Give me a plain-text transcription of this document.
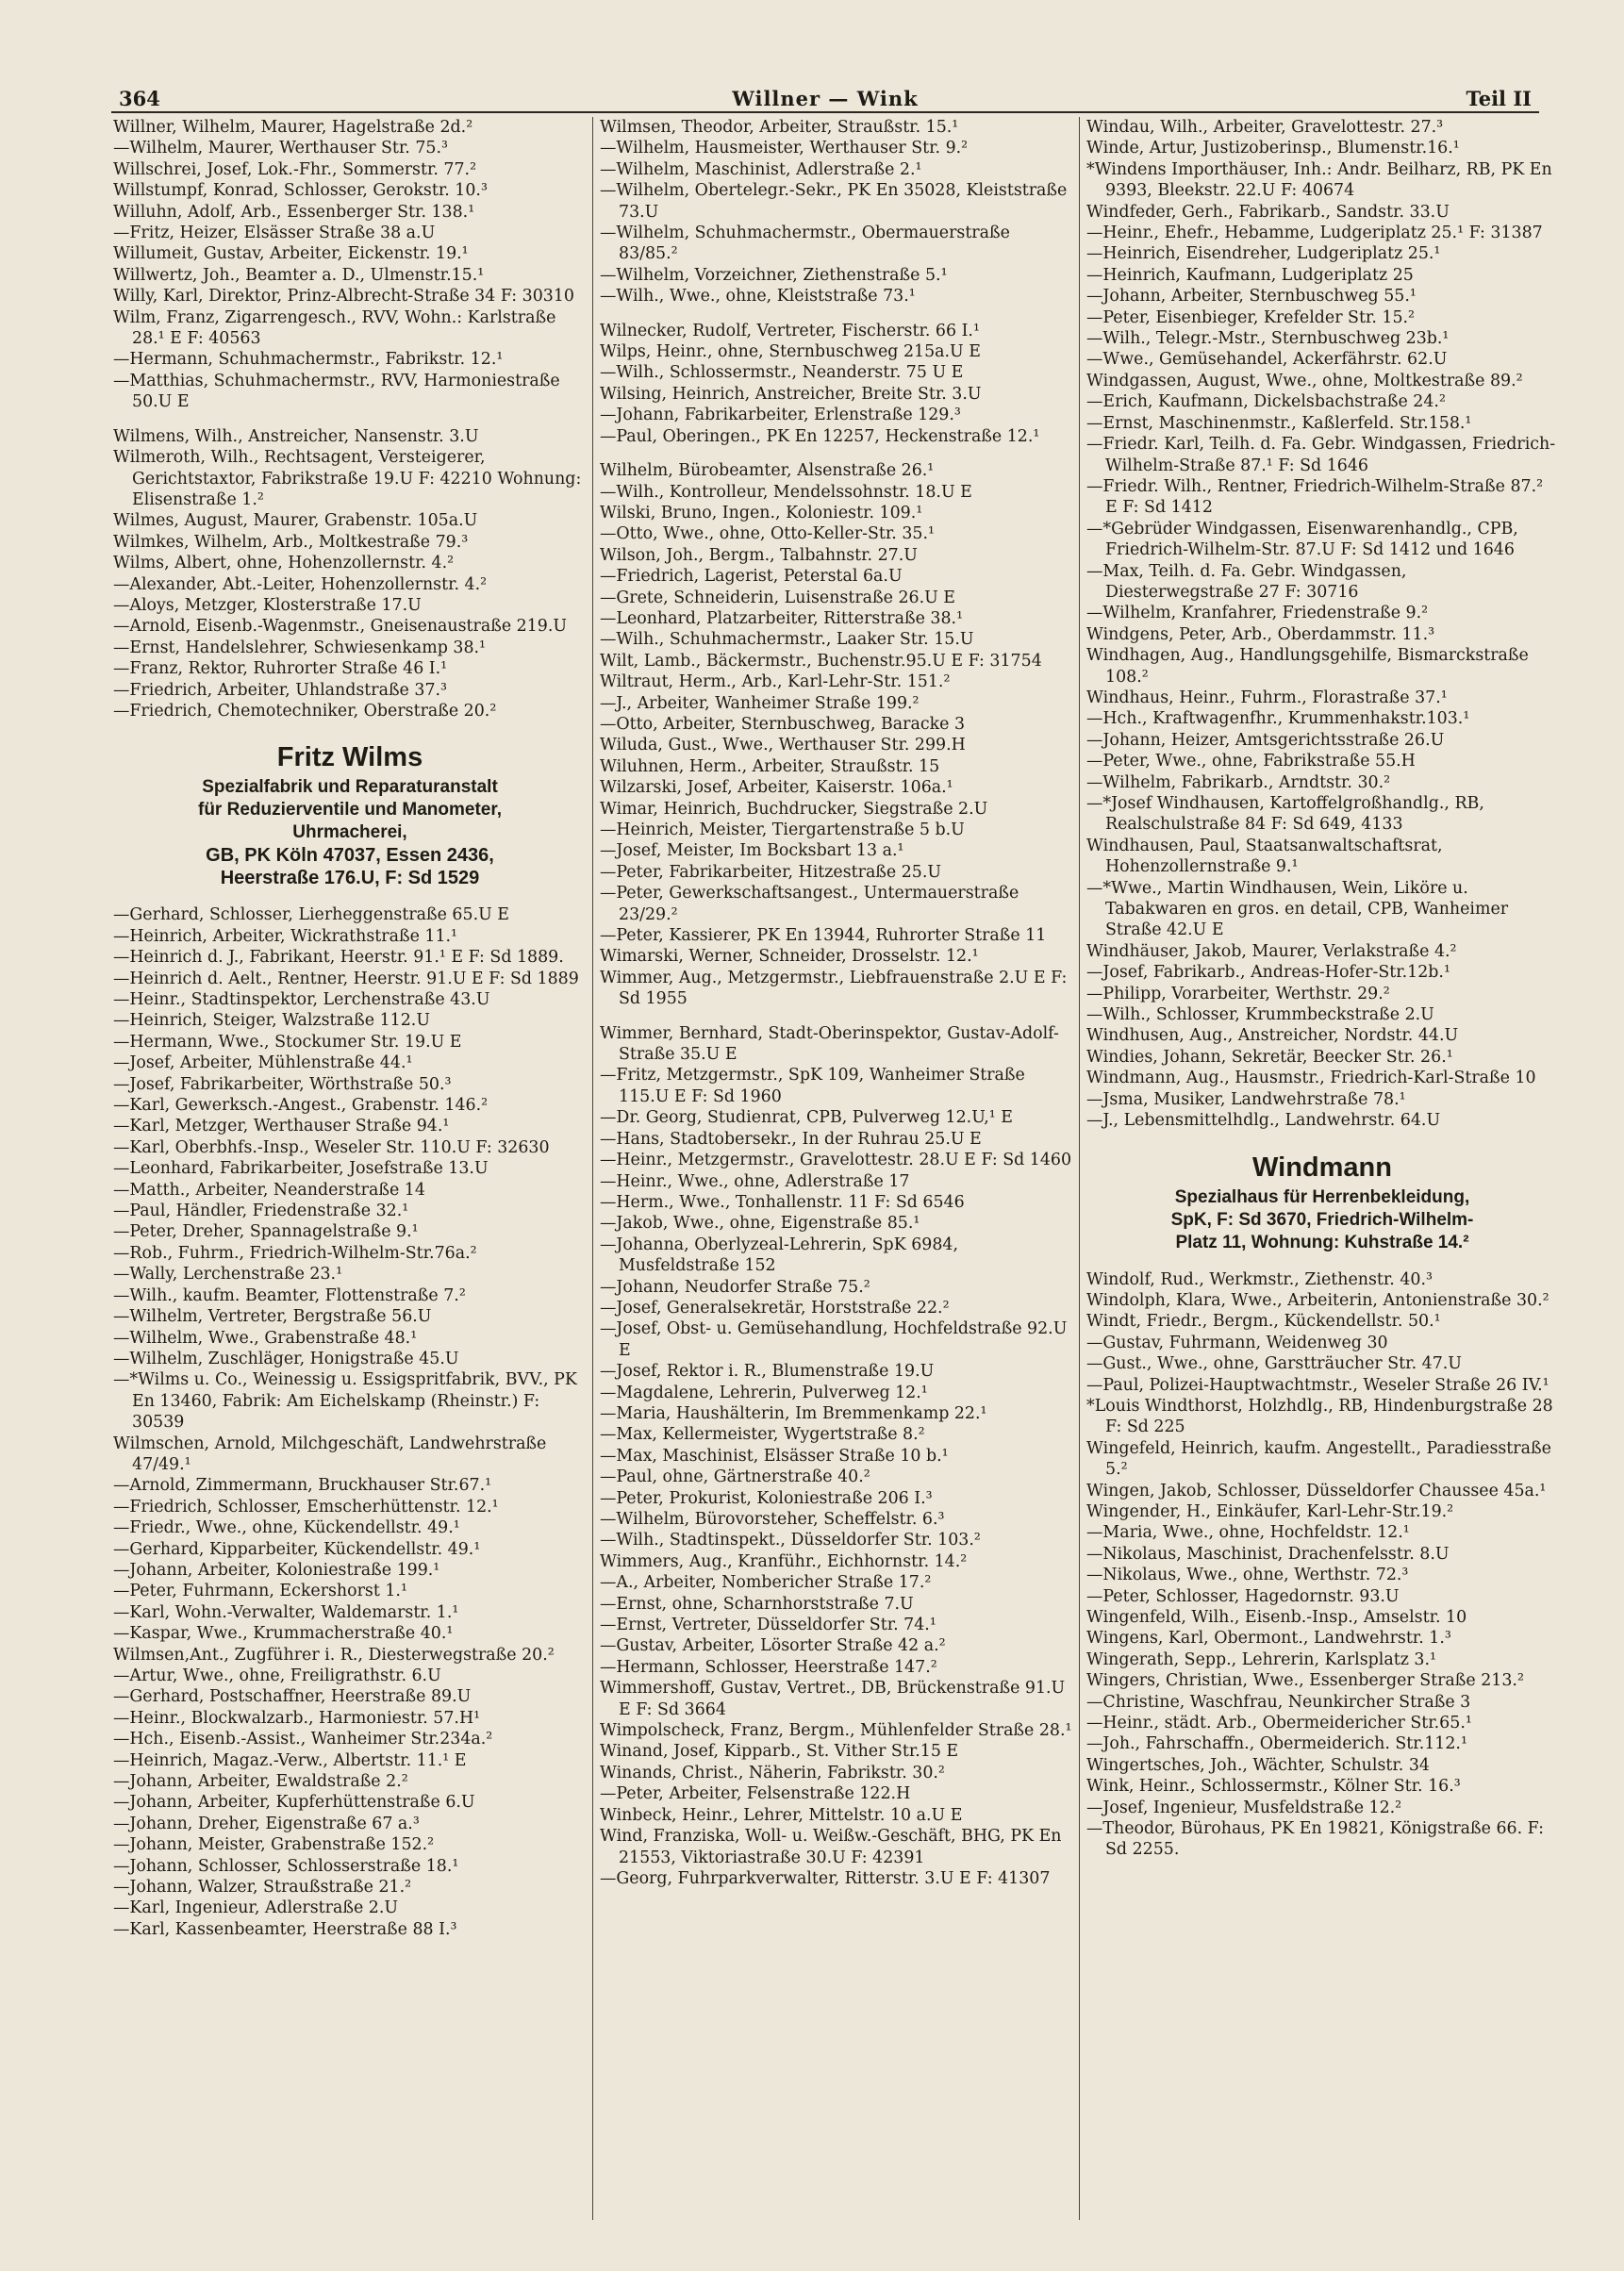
364	Willner — Wink	Teil II
Willner, Wilhelm, Maurer, Hagelstraße 2d.²
—Wilhelm, Maurer, Werthauser Str. 75.³
Willschrei, Josef, Lok.-Fhr., Sommerstr. 77.²
Willstumpf, Konrad, Schlosser, Gerokstr. 10.³
Willuhn, Adolf, Arb., Essenberger Str. 138.¹
—Fritz, Heizer, Elsässer Straße 38 a.U
Willumeit, Gustav, Arbeiter, Eickenstr. 19.¹
Willwertz, Joh., Beamter a. D., Ulmenstr.15.¹
Willy, Karl, Direktor, Prinz-Albrecht-Straße 34 F: 30310
Wilm, Franz, Zigarrengesch., RVV, Wohn.: Karlstraße 28.¹ E F: 40563
—Hermann, Schuhmachermstr., Fabrikstr. 12.¹
—Matthias, Schuhmachermstr., RVV, Harmoniestraße 50.U E
Wilmens, Wilh., Anstreicher, Nansenstr. 3.U
Wilmeroth, Wilh., Rechtsagent, Versteigerer, Gerichtstaxtor, Fabrikstraße 19.U F: 42210 Wohnung: Elisenstraße 1.²
Wilmes, August, Maurer, Grabenstr. 105a.U
Wilmkes, Wilhelm, Arb., Moltkestraße 79.³
Wilms, Albert, ohne, Hohenzollernstr. 4.²
—Alexander, Abt.-Leiter, Hohenzollernstr. 4.²
—Aloys, Metzger, Klosterstraße 17.U
—Arnold, Eisenb.-Wagenmstr., Gneisenaustraße 219.U
—Ernst, Handelslehrer, Schwiesenkamp 38.¹
—Franz, Rektor, Ruhrorter Straße 46 I.¹
—Friedrich, Arbeiter, Uhlandstraße 37.³
—Friedrich, Chemotechniker, Oberstraße 20.²
Fritz Wilms
Spezialfabrik und Reparaturanstalt
für Reduzierventile und Manometer,
Uhrmacherei,
GB, PK Köln 47037, Essen 2436,
Heerstraße 176.U, F: Sd 1529
—Gerhard, Schlosser, Lierheggenstraße 65.U E
—Heinrich, Arbeiter, Wickrathstraße 11.¹
—Heinrich d. J., Fabrikant, Heerstr. 91.¹ E F: Sd 1889.
—Heinrich d. Aelt., Rentner, Heerstr. 91.U E F: Sd 1889
—Heinr., Stadtinspektor, Lerchenstraße 43.U
—Heinrich, Steiger, Walzstraße 112.U
—Hermann, Wwe., Stockumer Str. 19.U E
—Josef, Arbeiter, Mühlenstraße 44.¹
—Josef, Fabrikarbeiter, Wörthstraße 50.³
—Karl, Gewerksch.-Angest., Grabenstr. 146.²
—Karl, Metzger, Werthauser Straße 94.¹
—Karl, Oberbhfs.-Insp., Weseler Str. 110.U F: 32630
—Leonhard, Fabrikarbeiter, Josefstraße 13.U
—Matth., Arbeiter, Neanderstraße 14
—Paul, Händler, Friedenstraße 32.¹
—Peter, Dreher, Spannagelstraße 9.¹
—Rob., Fuhrm., Friedrich-Wilhelm-Str.76a.²
—Wally, Lerchenstraße 23.¹
—Wilh., kaufm. Beamter, Flottenstraße 7.²
—Wilhelm, Vertreter, Bergstraße 56.U
—Wilhelm, Wwe., Grabenstraße 48.¹
—Wilhelm, Zuschläger, Honigstraße 45.U
—*Wilms u. Co., Weinessig u. Essigspritfabrik, BVV., PK En 13460, Fabrik: Am Eichelskamp (Rheinstr.) F: 30539
Wilmschen, Arnold, Milchgeschäft, Landwehrstraße 47/49.¹
—Arnold, Zimmermann, Bruckhauser Str.67.¹
—Friedrich, Schlosser, Emscherhüttenstr. 12.¹
—Friedr., Wwe., ohne, Kückendellstr. 49.¹
—Gerhard, Kipparbeiter, Kückendellstr. 49.¹
—Johann, Arbeiter, Koloniestraße 199.¹
—Peter, Fuhrmann, Eckershorst 1.¹
—Karl, Wohn.-Verwalter, Waldemarstr. 1.¹
—Kaspar, Wwe., Krummacherstraße 40.¹
Wilmsen,Ant., Zugführer i. R., Diesterwegstraße 20.²
—Artur, Wwe., ohne, Freiligrathstr. 6.U
—Gerhard, Postschaffner, Heerstraße 89.U
—Heinr., Blockwalzarb., Harmoniestr. 57.H¹
—Hch., Eisenb.-Assist., Wanheimer Str.234a.²
—Heinrich, Magaz.-Verw., Albertstr. 11.¹ E
—Johann, Arbeiter, Ewaldstraße 2.²
—Johann, Arbeiter, Kupferhüttenstraße 6.U
—Johann, Dreher, Eigenstraße 67 a.³
—Johann, Meister, Grabenstraße 152.²
—Johann, Schlosser, Schlosserstraße 18.¹
—Johann, Walzer, Straußstraße 21.²
—Karl, Ingenieur, Adlerstraße 2.U
—Karl, Kassenbeamter, Heerstraße 88 I.³
Wilmsen, Theodor, Arbeiter, Straußstr. 15.¹
—Wilhelm, Hausmeister, Werthauser Str. 9.²
—Wilhelm, Maschinist, Adlerstraße 2.¹
—Wilhelm, Obertelegr.-Sekr., PK En 35028, Kleiststraße 73.U
—Wilhelm, Schuhmachermstr., Obermauerstraße 83/85.²
—Wilhelm, Vorzeichner, Ziethenstraße 5.¹
—Wilh., Wwe., ohne, Kleiststraße 73.¹
Wilnecker, Rudolf, Vertreter, Fischerstr. 66 I.¹
Wilps, Heinr., ohne, Sternbuschweg 215a.U E
—Wilh., Schlossermstr., Neanderstr. 75 U E
Wilsing, Heinrich, Anstreicher, Breite Str. 3.U
—Johann, Fabrikarbeiter, Erlenstraße 129.³
—Paul, Oberingen., PK En 12257, Heckenstraße 12.¹
Wilhelm, Bürobeamter, Alsenstraße 26.¹
—Wilh., Kontrolleur, Mendelssohnstr. 18.U E
Wilski, Bruno, Ingen., Koloniestr. 109.¹
—Otto, Wwe., ohne, Otto-Keller-Str. 35.¹
Wilson, Joh., Bergm., Talbahnstr. 27.U
—Friedrich, Lagerist, Peterstal 6a.U
—Grete, Schneiderin, Luisenstraße 26.U E
—Leonhard, Platzarbeiter, Ritterstraße 38.¹
—Wilh., Schuhmachermstr., Laaker Str. 15.U
Wilt, Lamb., Bäckermstr., Buchenstr.95.U E F: 31754
Wiltraut, Herm., Arb., Karl-Lehr-Str. 151.²
—J., Arbeiter, Wanheimer Straße 199.²
—Otto, Arbeiter, Sternbuschweg, Baracke 3
Wiluda, Gust., Wwe., Werthauser Str. 299.H
Wiluhnen, Herm., Arbeiter, Straußstr. 15
Wilzarski, Josef, Arbeiter, Kaiserstr. 106a.¹
Wimar, Heinrich, Buchdrucker, Siegstraße 2.U
—Heinrich, Meister, Tiergartenstraße 5 b.U
—Josef, Meister, Im Bocksbart 13 a.¹
—Peter, Fabrikarbeiter, Hitzestraße 25.U
—Peter, Gewerkschaftsangest., Untermauerstraße 23/29.²
—Peter, Kassierer, PK En 13944, Ruhrorter Straße 11
Wimarski, Werner, Schneider, Drosselstr. 12.¹
Wimmer, Aug., Metzgermstr., Liebfrauenstraße 2.U E F: Sd 1955
Wimmer, Bernhard, Stadt-Oberinspektor, Gustav-Adolf-Straße 35.U E
—Fritz, Metzgermstr., SpK 109, Wanheimer Straße 115.U E F: Sd 1960
—Dr. Georg, Studienrat, CPB, Pulverweg 12.U,¹ E
—Hans, Stadtobersekr., In der Ruhrau 25.U E
—Heinr., Metzgermstr., Gravelottestr. 28.U E F: Sd 1460
—Heinr., Wwe., ohne, Adlerstraße 17
—Herm., Wwe., Tonhallenstr. 11 F: Sd 6546
—Jakob, Wwe., ohne, Eigenstraße 85.¹
—Johanna, Oberlyzeal-Lehrerin, SpK 6984, Musfeldstraße 152
—Johann, Neudorfer Straße 75.²
—Josef, Generalsekretär, Horststraße 22.²
—Josef, Obst- u. Gemüsehandlung, Hochfeldstraße 92.U E
—Josef, Rektor i. R., Blumenstraße 19.U
—Magdalene, Lehrerin, Pulverweg 12.¹
—Maria, Haushälterin, Im Bremmenkamp 22.¹
—Max, Kellermeister, Wygertstraße 8.²
—Max, Maschinist, Elsässer Straße 10 b.¹
—Paul, ohne, Gärtnerstraße 40.²
—Peter, Prokurist, Koloniestraße 206 I.³
—Wilhelm, Bürovorsteher, Scheffelstr. 6.³
—Wilh., Stadtinspekt., Düsseldorfer Str. 103.²
Wimmers, Aug., Kranführ., Eichhornstr. 14.²
—A., Arbeiter, Nombericher Straße 17.²
—Ernst, ohne, Scharnhorststraße 7.U
—Ernst, Vertreter, Düsseldorfer Str. 74.¹
—Gustav, Arbeiter, Lösorter Straße 42 a.²
—Hermann, Schlosser, Heerstraße 147.²
Wimmershoff, Gustav, Vertret., DB, Brückenstraße 91.U E F: Sd 3664
Wimpolscheck, Franz, Bergm., Mühlenfelder Straße 28.¹
Winand, Josef, Kipparb., St. Vither Str.15 E
Winands, Christ., Näherin, Fabrikstr. 30.²
—Peter, Arbeiter, Felsenstraße 122.H
Winbeck, Heinr., Lehrer, Mittelstr. 10 a.U E
Wind, Franziska, Woll- u. Weißw.-Geschäft, BHG, PK En 21553, Viktoriastraße 30.U F: 42391
—Georg, Fuhrparkverwalter, Ritterstr. 3.U E F: 41307
Windau, Wilh., Arbeiter, Gravelottestr. 27.³
Winde, Artur, Justizoberinsp., Blumenstr.16.¹
*Windens Importhäuser, Inh.: Andr. Beilharz, RB, PK En 9393, Bleekstr. 22.U F: 40674
Windfeder, Gerh., Fabrikarb., Sandstr. 33.U
—Heinr., Ehefr., Hebamme, Ludgeriplatz 25.¹ F: 31387
—Heinrich, Eisendreher, Ludgeriplatz 25.¹
—Heinrich, Kaufmann, Ludgeriplatz 25
—Johann, Arbeiter, Sternbuschweg 55.¹
—Peter, Eisenbieger, Krefelder Str. 15.²
—Wilh., Telegr.-Mstr., Sternbuschweg 23b.¹
—Wwe., Gemüsehandel, Ackerfährstr. 62.U
Windgassen, August, Wwe., ohne, Moltkestraße 89.²
—Erich, Kaufmann, Dickelsbachstraße 24.²
—Ernst, Maschinenmstr., Kaßlerfeld. Str.158.¹
—Friedr. Karl, Teilh. d. Fa. Gebr. Windgassen, Friedrich-Wilhelm-Straße 87.¹ F: Sd 1646
—Friedr. Wilh., Rentner, Friedrich-Wilhelm-Straße 87.² E F: Sd 1412
—*Gebrüder Windgassen, Eisenwarenhandlg., CPB, Friedrich-Wilhelm-Str. 87.U F: Sd 1412 und 1646
—Max, Teilh. d. Fa. Gebr. Windgassen, Diesterwegstraße 27 F: 30716
—Wilhelm, Kranfahrer, Friedenstraße 9.²
Windgens, Peter, Arb., Oberdammstr. 11.³
Windhagen, Aug., Handlungsgehilfe, Bismarckstraße 108.²
Windhaus, Heinr., Fuhrm., Florastraße 37.¹
—Hch., Kraftwagenfhr., Krummenhakstr.103.¹
—Johann, Heizer, Amtsgerichtsstraße 26.U
—Peter, Wwe., ohne, Fabrikstraße 55.H
—Wilhelm, Fabrikarb., Arndtstr. 30.²
—*Josef Windhausen, Kartoffelgroßhandlg., RB, Realschulstraße 84 F: Sd 649, 4133
Windhausen, Paul, Staatsanwaltschaftsrat, Hohenzollernstraße 9.¹
—*Wwe., Martin Windhausen, Wein, Liköre u. Tabakwaren en gros. en detail, CPB, Wanheimer Straße 42.U E
Windhäuser, Jakob, Maurer, Verlakstraße 4.²
—Josef, Fabrikarb., Andreas-Hofer-Str.12b.¹
—Philipp, Vorarbeiter, Werthstr. 29.²
—Wilh., Schlosser, Krummbeckstraße 2.U
Windhusen, Aug., Anstreicher, Nordstr. 44.U
Windies, Johann, Sekretär, Beecker Str. 26.¹
Windmann, Aug., Hausmstr., Friedrich-Karl-Straße 10
—Jsma, Musiker, Landwehrstraße 78.¹
—J., Lebensmittelhdlg., Landwehrstr. 64.U
Windmann
Spezialhaus für Herrenbekleidung,
SpK, F: Sd 3670, Friedrich-Wilhelm-
Platz 11, Wohnung: Kuhstraße 14.²
Windolf, Rud., Werkmstr., Ziethenstr. 40.³
Windolph, Klara, Wwe., Arbeiterin, Antonienstraße 30.²
Windt, Friedr., Bergm., Kückendellstr. 50.¹
—Gustav, Fuhrmann, Weidenweg 30
—Gust., Wwe., ohne, Garstträucher Str. 47.U
—Paul, Polizei-Hauptwachtmstr., Weseler Straße 26 IV.¹
*Louis Windthorst, Holzhdlg., RB, Hindenburgstraße 28 F: Sd 225
Wingefeld, Heinrich, kaufm. Angestellt., Paradiesstraße 5.²
Wingen, Jakob, Schlosser, Düsseldorfer Chaussee 45a.¹
Wingender, H., Einkäufer, Karl-Lehr-Str.19.²
—Maria, Wwe., ohne, Hochfeldstr. 12.¹
—Nikolaus, Maschinist, Drachenfelsstr. 8.U
—Nikolaus, Wwe., ohne, Werthstr. 72.³
—Peter, Schlosser, Hagedornstr. 93.U
Wingenfeld, Wilh., Eisenb.-Insp., Amselstr. 10
Wingens, Karl, Obermont., Landwehrstr. 1.³
Wingerath, Sepp., Lehrerin, Karlsplatz 3.¹
Wingers, Christian, Wwe., Essenberger Straße 213.²
—Christine, Waschfrau, Neunkircher Straße 3
—Heinr., städt. Arb., Obermeidericher Str.65.¹
—Joh., Fahrschaffn., Obermeiderich. Str.112.¹
Wingertsches, Joh., Wächter, Schulstr. 34
Wink, Heinr., Schlossermstr., Kölner Str. 16.³
—Josef, Ingenieur, Musfeldstraße 12.²
—Theodor, Bürohaus, PK En 19821, Königstraße 66. F: Sd 2255.
